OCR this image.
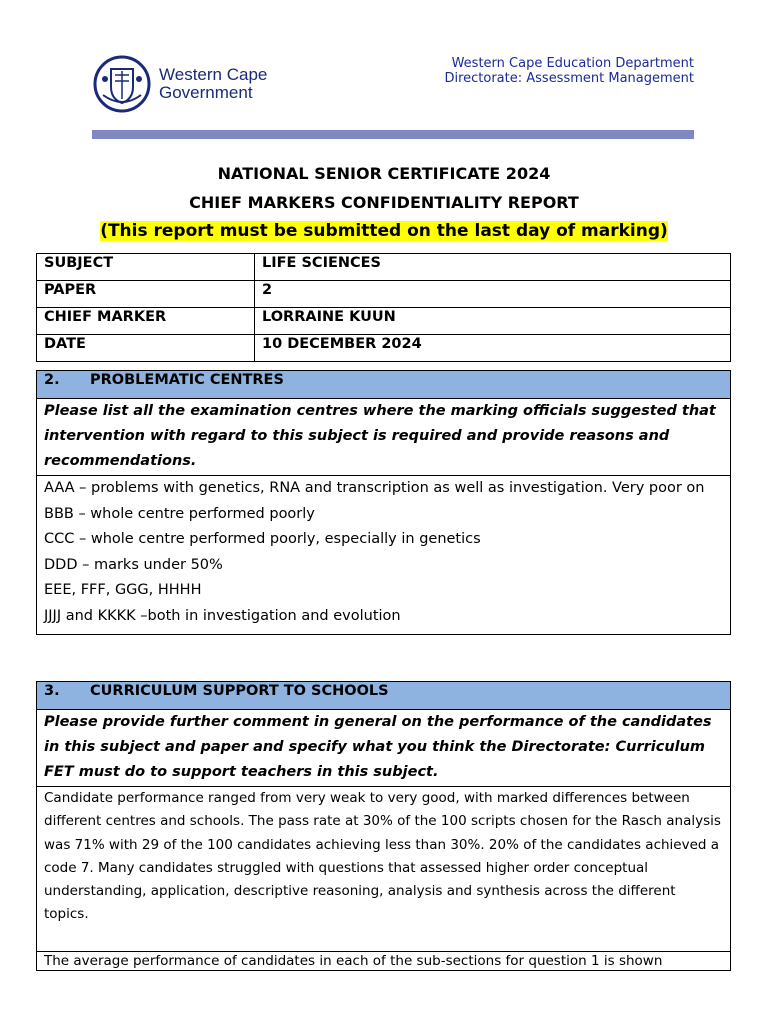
Western Cape
Government
Western Cape Education Department
Directorate: Assessment Management
NATIONAL SENIOR CERTIFICATE 2024
CHIEF MARKERS CONFIDENTIALITY REPORT
(This report must be submitted on the last day of marking)
SUBJECT	LIFE SCIENCES
PAPER	2
CHIEF MARKER	LORRAINE KUUN
DATE	10 DECEMBER 2024
2. PROBLEMATIC CENTRES
Please list all the examination centres where the marking officials suggested that intervention with regard to this subject is required and provide reasons and recommendations.

AAA – problems with genetics, RNA and transcription as well as investigation. Very poor on
BBB – whole centre performed poorly
CCC – whole centre performed poorly, especially in genetics
DDD – marks under 50%
EEE, FFF, GGG, HHHH
JJJJ and KKKK –both in investigation and evolution
3. CURRICULUM SUPPORT TO SCHOOLS
Please provide further comment in general on the performance of the candidates in this subject and paper and specify what you think the Directorate: Curriculum FET must do to support teachers in this subject.
Candidate performance ranged from very weak to very good, with marked differences between different centres and schools. The pass rate at 30% of the 100 scripts chosen for the Rasch analysis was 71% with 29 of the 100 candidates achieving less than 30%. 20% of the candidates achieved a code 7. Many candidates struggled with questions that assessed higher order conceptual understanding, application, descriptive reasoning, analysis and synthesis across the different topics.
The average performance of candidates in each of the sub-sections for question 1 is shown
